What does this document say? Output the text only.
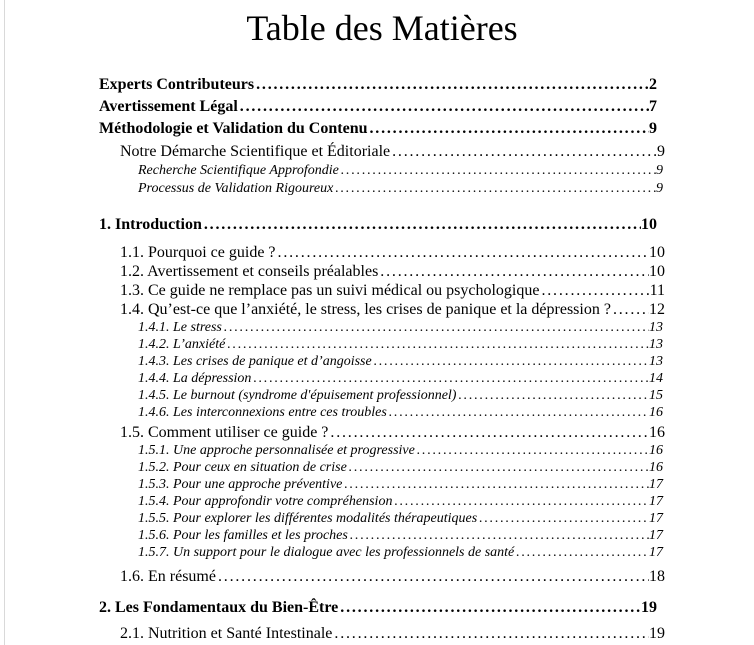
Table des Matières
Experts Contributeurs .....	2
Avertissement Légal .....	7
Méthodologie et Validation du Contenu .....	9
Notre Démarche Scientifique et Éditoriale .....	9
Recherche Scientifique Approfondie .....	9
Processus de Validation Rigoureux .....	9
1. Introduction .....	10
1.1. Pourquoi ce guide ? .....	10
1.2. Avertissement et conseils préalables .....	10
1.3. Ce guide ne remplace pas un suivi médical ou psychologique .....	11
1.4. Qu’est-ce que l’anxiété, le stress, les crises de panique et la dépression ? ..... 12
1.4.1. Le stress .....	13
1.4.2. L’anxiété .....	13
1.4.3. Les crises de panique et d’angoisse .....	13
1.4.4. La dépression .....	14
1.4.5. Le burnout (syndrome d'épuisement professionnel) .....	15
1.4.6. Les interconnexions entre ces troubles .....	16
1.5. Comment utiliser ce guide ? .....	16
1.5.1. Une approche personnalisée et progressive .....	16
1.5.2. Pour ceux en situation de crise .....	16
1.5.3. Pour une approche préventive .....	17
1.5.4. Pour approfondir votre compréhension .....	17
1.5.5. Pour explorer les différentes modalités thérapeutiques .....	17
1.5.6. Pour les familles et les proches .....	17
1.5.7. Un support pour le dialogue avec les professionnels de santé .....	17
1.6. En résumé .....	18
2. Les Fondamentaux du Bien-Être .....	19
2.1. Nutrition et Santé Intestinale .....	19
